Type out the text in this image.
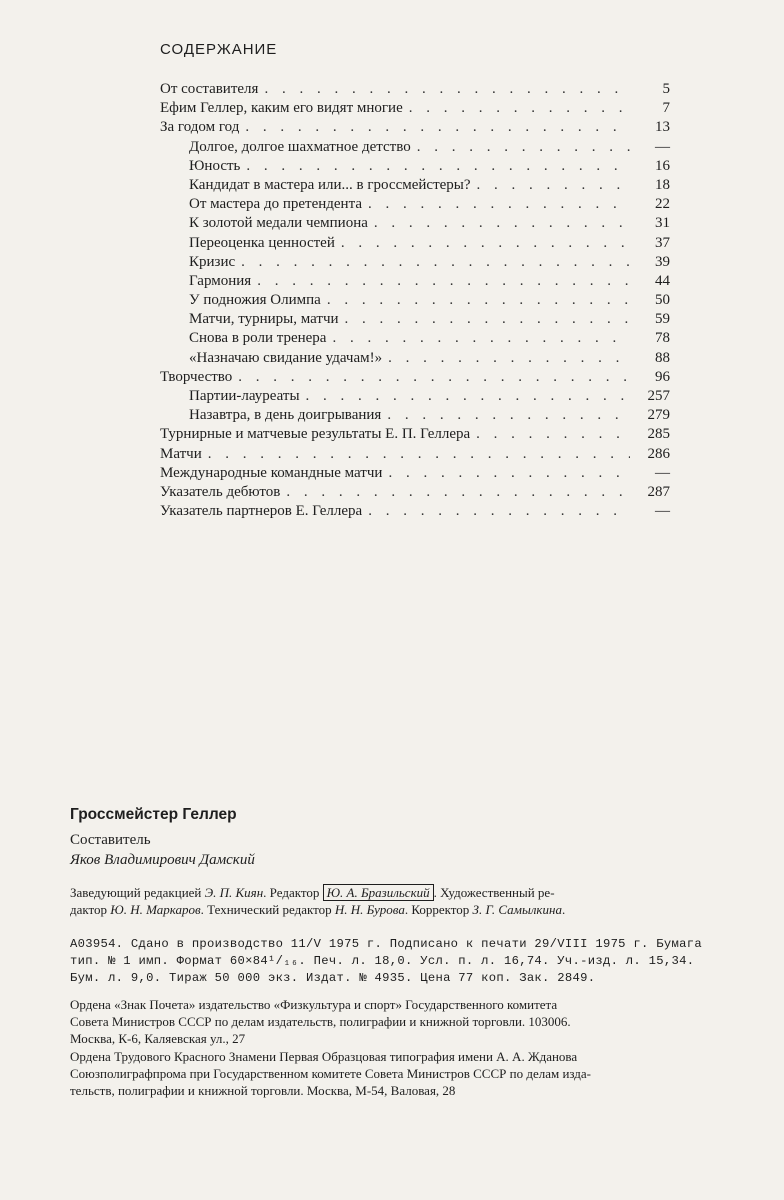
СОДЕРЖАНИЕ
От составителя . . .	5
Ефим Геллер, каким его видят многие . . .	7
За годом год . . .	13
Долгое, долгое шахматное детство . . .	—
Юность . . .	16
Кандидат в мастера или... в гроссмейстеры? . . .	18
От мастера до претендента . . .	22
К золотой медали чемпиона . . .	31
Переоценка ценностей . . .	37
Кризис . . .	39
Гармония . . .	44
У подножия Олимпа . . .	50
Матчи, турниры, матчи . . .	59
Снова в роли тренера . . .	78
«Назначаю свидание удачам!» . . .	88
Творчество . . .	96
Партии-лауреаты . . .	257
Назавтра, в день доигрывания . . .	279
Турнирные и матчевые результаты Е. П. Геллера . . .	285
Матчи . . .	286
Международные командные матчи . . .	—
Указатель дебютов . . .	287
Указатель партнеров Е. Геллера . . .	—
Гроссмейстер Геллер
Составитель
Яков Владимирович Дамский
Заведующий редакцией Э. П. Киян. Редактор Ю. А. Бразильский . Художественный ре-
дактор Ю. Н. Маркаров. Технический редактор Н. Н. Бурова. Корректор З. Г. Самылкина.
А03954. Сдано в производство 11/V 1975 г. Подписано к печати 29/VIII 1975 г. Бумага
тип. № 1 имп. Формат 60×84¹/₁₆. Печ. л. 18,0. Усл. п. л. 16,74. Уч.-изд. л. 15,34.
Бум. л. 9,0. Тираж 50 000 экз. Издат. № 4935. Цена 77 коп. Зак. 2849.
Ордена «Знак Почета» издательство «Физкультура и спорт» Государственного комитета
Совета Министров СССР по делам издательств, полиграфии и книжной торговли. 103006.
Москва, К-6, Каляевская ул., 27
Ордена Трудового Красного Знамени Первая Образцовая типография имени А. А. Жданова
Союзполиграфпрома при Государственном комитете Совета Министров СССР по делам изда-
тельств, полиграфии и книжной торговли. Москва, М-54, Валовая, 28
